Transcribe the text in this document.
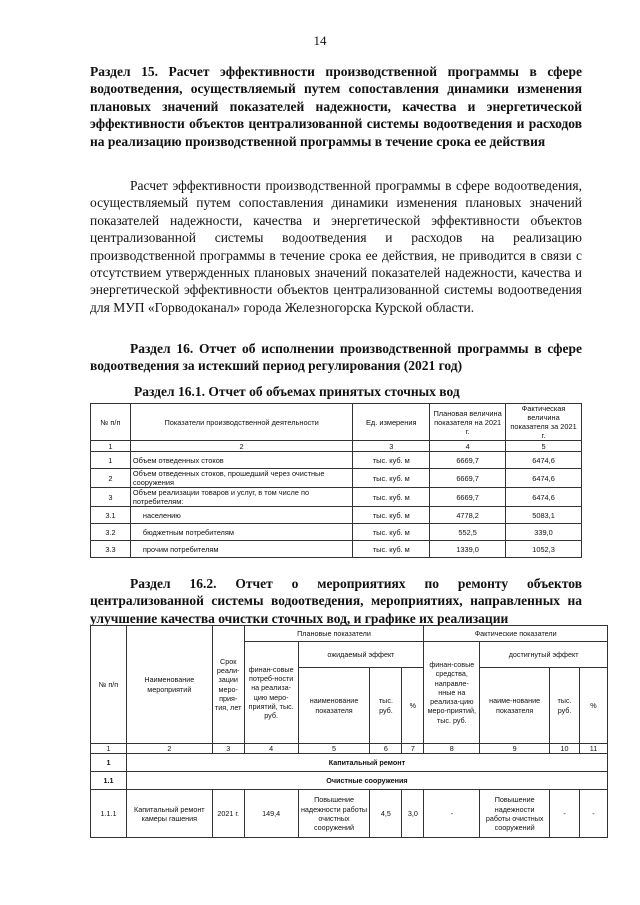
14
Раздел 15. Расчет эффективности производственной программы в сфере водоотведения, осуществляемый путем сопоставления динамики изменения плановых значений показателей надежности, качества и энергетической эффективности объектов централизованной системы водоотведения и расходов на реализацию производственной программы в течение срока ее действия
Расчет эффективности производственной программы в сфере водоотведения, осуществляемый путем сопоставления динамики изменения плановых значений показателей надежности, качества и энергетической эффективности объектов централизованной системы водоотведения и расходов на реализацию производственной программы в течение срока ее действия, не приводится в связи с отсутствием утвержденных плановых значений показателей надежности, качества и энергетической эффективности объектов централизованной системы водоотведения для МУП «Горводоканал» города Железногорска Курской области.
Раздел 16. Отчет об исполнении производственной программы в сфере водоотведения за истекший период регулирования (2021 год)
Раздел 16.1. Отчет об объемах принятых сточных вод
№ п/п	Показатели производственной деятельности	Ед. измерения	Плановая величина показателя на 2021 г.	Фактическая величина показателя за 2021 г.
1	2	3	4	5
1	Объем отведенных стоков	тыс. куб. м	6669,7	6474,6
2	Объем отведенных стоков, прошедший через очистные сооружения	тыс. куб. м	6669,7	6474,6
3	Объем реализации товаров и услуг, в том числе по потребителям:	тыс. куб. м	6669,7	6474,6
3.1	населению	тыс. куб. м	4778,2	5083,1
3.2	бюджетным потребителям	тыс. куб. м	552,5	339,0
3.3	прочим потребителям	тыс. куб. м	1339,0	1052,3
Раздел 16.2. Отчет о мероприятиях по ремонту объектов централизованной системы водоотведения, мероприятиях, направленных на улучшение качества очистки сточных вод, и графике их реализации
№ п/п	Наименование мероприятий	Срок реали-зации меро-прия-тия, лет	Плановые показатели				Фактические показатели			
			финан-совые потреб-ности на реализа-цию меро-приятий, тыс. руб.	ожидаемый эффект			финан-совые средства, направле-нные на реализа-цию меро-приятий, тыс. руб.	достигнутый эффект		
				наименование показателя	тыс. руб.	%		наиме-нование показателя	тыс. руб.	%

1	2	3	4	5	6	7	8	9	10	11
1	Капитальный ремонт									
1.1	Очистные сооружения									
1.1.1	Капитальный ремонт камеры гашения	2021 г.	149,4	Повышение надежности работы очистных сооружений	4,5	3,0	-	Повышение надежности работы очистных сооружений	-	-
